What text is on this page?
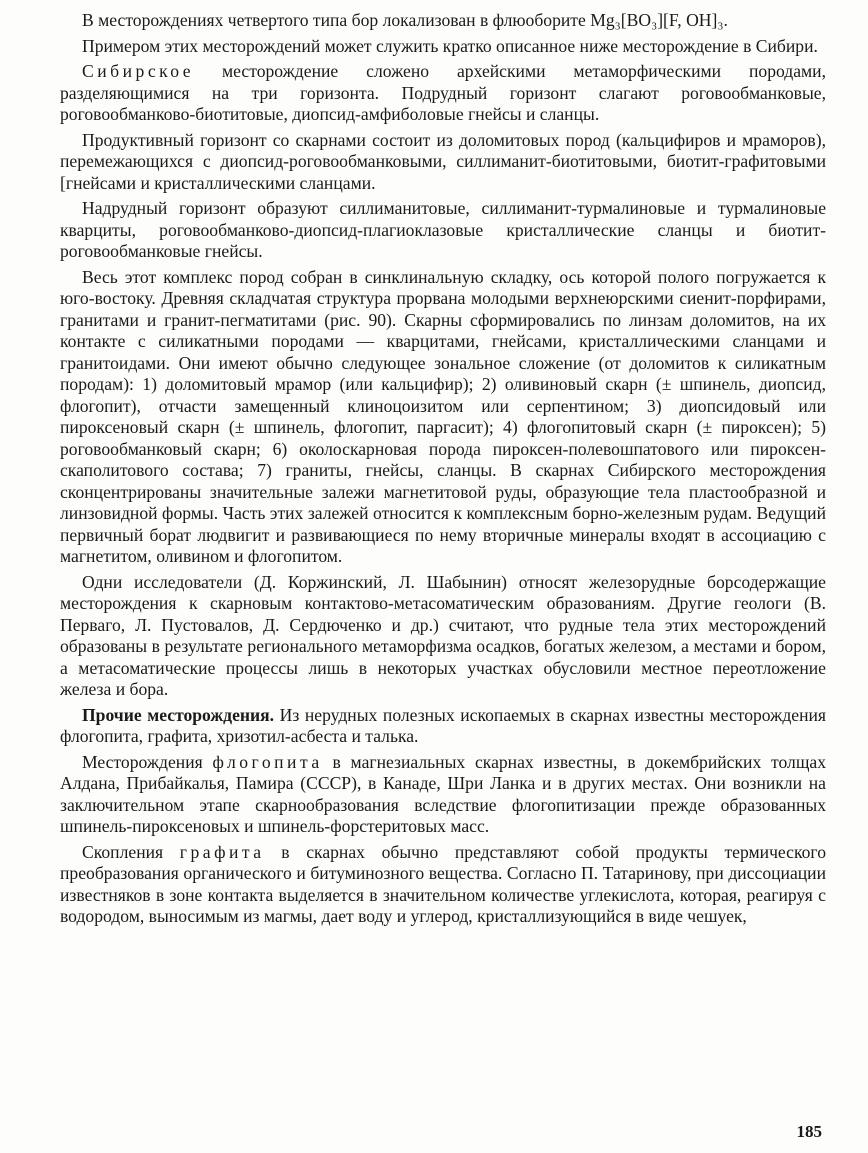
В месторождениях четвертого типа бор локализован в флюоборите Mg₃[BO₃][F, OH]₃.

Примером этих месторождений может служить кратко описанное ниже месторождение в Сибири.

Сибирское месторождение сложено архейскими метаморфическими породами, разделяющимися на три горизонта. Подрудный горизонт слагают роговообманковые, роговообманково-биотитовые, диопсид-амфиболовые гнейсы и сланцы.

Продуктивный горизонт со скарнами состоит из доломитовых пород (кальцифиров и мраморов), перемежающихся с диопсид-роговообманковыми, силлиманит-биотитовыми, биотит-графитовыми [гнейсами и кристаллическими сланцами.

Надрудный горизонт образуют силлиманитовые, силлиманит-турмалиновые и турмалиновые кварциты, роговообманково-диопсид-плагиоклазовые кристаллические сланцы и биотит-роговообманковые гнейсы.

Весь этот комплекс пород собран в синклинальную складку, ось которой полого погружается к юго-востоку. Древняя складчатая структура прорвана молодыми верхнеюрскими сиенит-порфирами, гранитами и гранит-пегматитами (рис. 90). Скарны сформировались по линзам доломитов, на их контакте с силикатными породами — кварцитами, гнейсами, кристаллическими сланцами и гранитоидами. Они имеют обычно следующее зональное сложение (от доломитов к силикатным породам): 1) доломитовый мрамор (или кальцифир); 2) оливиновый скарн (± шпинель, диопсид, флогопит), отчасти замещенный клиноцоизитом или серпентином; 3) диопсидовый или пироксеновый скарн (± шпинель, флогопит, паргасит); 4) флогопитовый скарн (± пироксен); 5) роговообманковый скарн; 6) околоскарновая порода пироксен-полевошпатового или пироксен-скаполитового состава; 7) граниты, гнейсы, сланцы. В скарнах Сибирского месторождения сконцентрированы значительные залежи магнетитовой руды, образующие тела пластообразной и линзовидной формы. Часть этих залежей относится к комплексным борно-железным рудам. Ведущий первичный борат людвигит и развивающиеся по нему вторичные минералы входят в ассоциацию с магнетитом, оливином и флогопитом.

Одни исследователи (Д. Коржинский, Л. Шабынин) относят железорудные борсодержащие месторождения к скарновым контактово-метасоматическим образованиям. Другие геологи (В. Перваго, Л. Пустовалов, Д. Сердюченко и др.) считают, что рудные тела этих месторождений образованы в результате регионального метаморфизма осадков, богатых железом, а местами и бором, а метасоматические процессы лишь в некоторых участках обусловили местное переотложение железа и бора.

Прочие месторождения. Из нерудных полезных ископаемых в скарнах известны месторождения флогопита, графита, хризотил-асбеста и талька.

Месторождения флогопита в магнезиальных скарнах известны, в докембрийских толщах Алдана, Прибайкалья, Памира (СССР), в Канаде, Шри Ланка и в других местах. Они возникли на заключительном этапе скарнообразования вследствие флогопитизации прежде образованных шпинель-пироксеновых и шпинель-форстеритовых масс.

Скопления графита в скарнах обычно представляют собой продукты термического преобразования органического и битуминозного вещества. Согласно П. Татаринову, при диссоциации известняков в зоне контакта выделяется в значительном количестве углекислота, которая, реагируя с водородом, выносимым из магмы, дает воду и углерод, кристаллизующийся в виде чешуек,

185
